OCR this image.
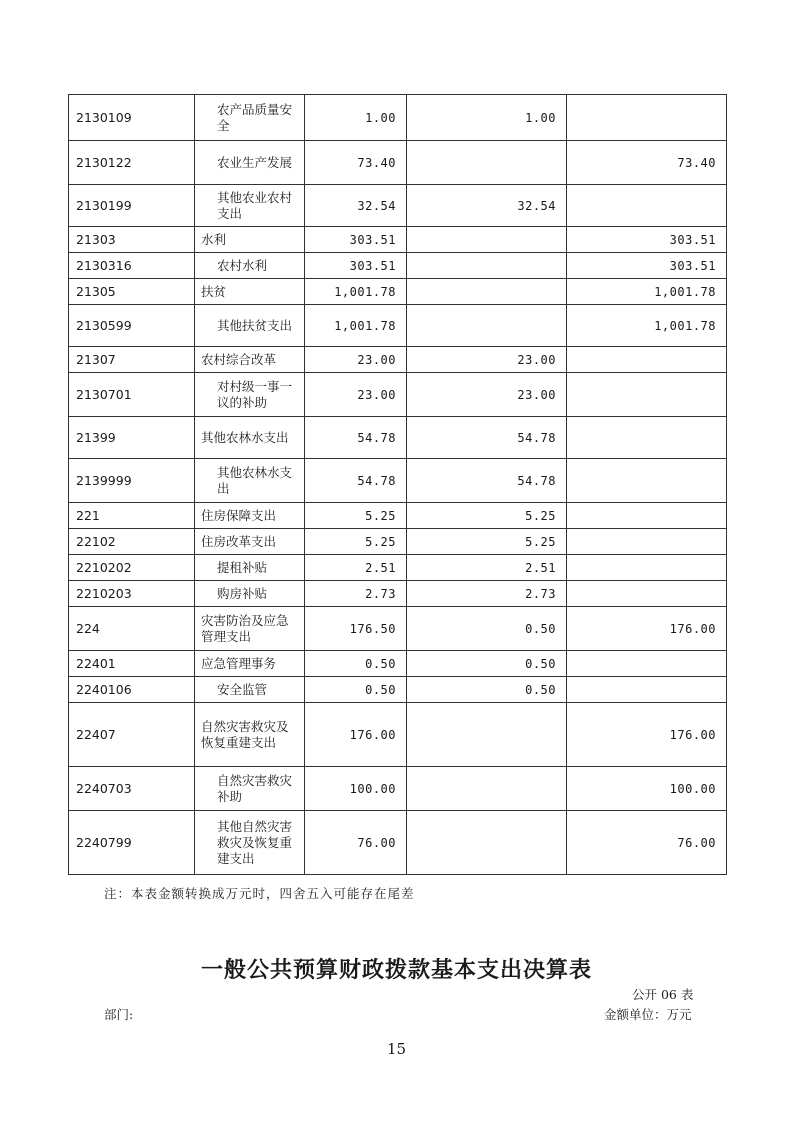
2130109	农产品质量安全	1.00	1.00	
2130122	农业生产发展	73.40		73.40
2130199	其他农业农村支出	32.54	32.54	
21303	水利	303.51		303.51
2130316	农村水利	303.51		303.51
21305	扶贫	1,001.78		1,001.78
2130599	其他扶贫支出	1,001.78		1,001.78
21307	农村综合改革	23.00	23.00	
2130701	对村级一事一议的补助	23.00	23.00	
21399	其他农林水支出	54.78	54.78	
2139999	其他农林水支出	54.78	54.78	
221	住房保障支出	5.25	5.25	
22102	住房改革支出	5.25	5.25	
2210202	提租补贴	2.51	2.51	
2210203	购房补贴	2.73	2.73	
224	灾害防治及应急管理支出	176.50	0.50	176.00
22401	应急管理事务	0.50	0.50	
2240106	安全监管	0.50	0.50	
22407	自然灾害救灾及恢复重建支出	176.00		176.00
2240703	自然灾害救灾补助	100.00		100.00
2240799	其他自然灾害救灾及恢复重建支出	76.00		76.00
注：本表金额转换成万元时，四舍五入可能存在尾差
一般公共预算财政拨款基本支出决算表
公开 06 表
部门:	金额单位：万元
15
